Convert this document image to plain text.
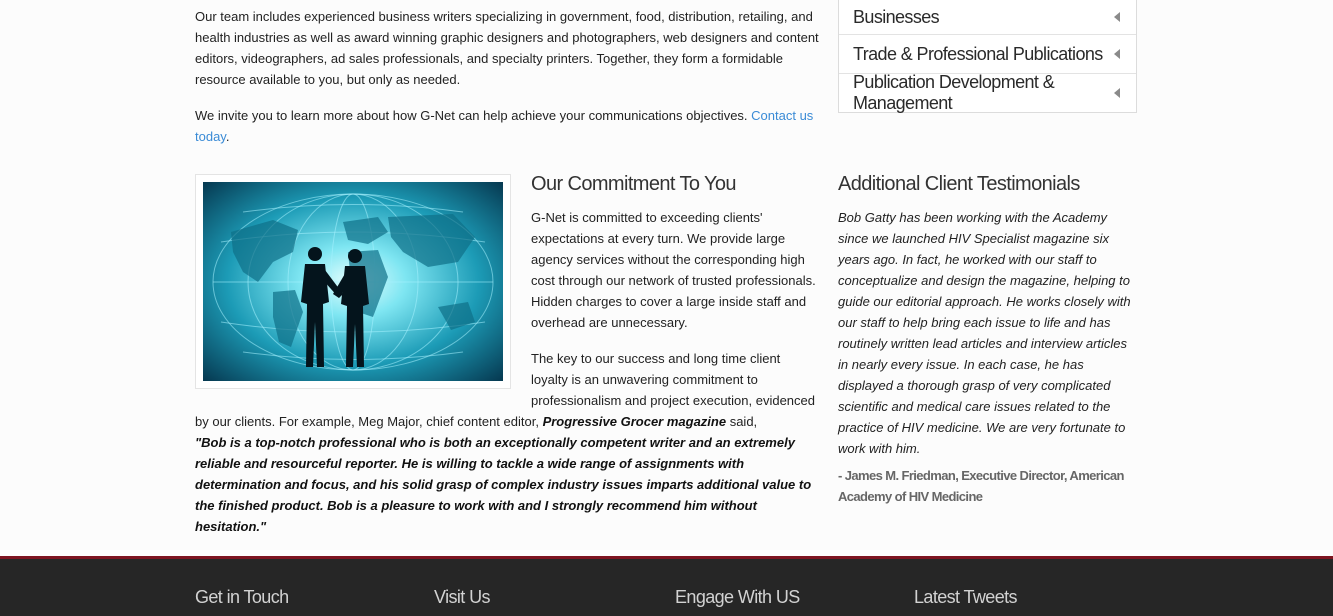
Our team includes experienced business writers specializing in government, food, distribution, retailing, and health industries as well as award winning graphic designers and photographers, web designers and content editors, videographers, ad sales professionals, and specialty printers. Together, they form a formidable resource available to you, but only as needed.

We invite you to learn more about how G-Net can help achieve your communications objectives. Contact us today.

Businesses
Trade & Professional Publications
Publication Development & Management
Our Commitment To You

G-Net is committed to exceeding clients' expectations at every turn. We provide large agency services without the corresponding high cost through our network of trusted professionals. Hidden charges to cover a large inside staff and overhead are unnecessary.

The key to our success and long time client loyalty is an unwavering commitment to professionalism and project execution, evidenced by our clients. For example, Meg Major, chief content editor, Progressive Grocer magazine said,
"Bob is a top-notch professional who is both an exceptionally competent writer and an extremely reliable and resourceful reporter. He is willing to tackle a wide range of assignments with determination and focus, and his solid grasp of complex industry issues imparts additional value to the finished product. Bob is a pleasure to work with and I strongly recommend him without hesitation."

Additional Client Testimonials

Bob Gatty has been working with the Academy since we launched HIV Specialist magazine six years ago. In fact, he worked with our staff to conceptualize and design the magazine, helping to guide our editorial approach. He works closely with our staff to help bring each issue to life and has routinely written lead articles and interview articles in nearly every issue. In each case, he has displayed a thorough grasp of very complicated scientific and medical care issues related to the practice of HIV medicine. We are very fortunate to work with him.

- James M. Friedman, Executive Director, American Academy of HIV Medicine

Get in Touch	Visit Us	Engage With US	Latest Tweets
